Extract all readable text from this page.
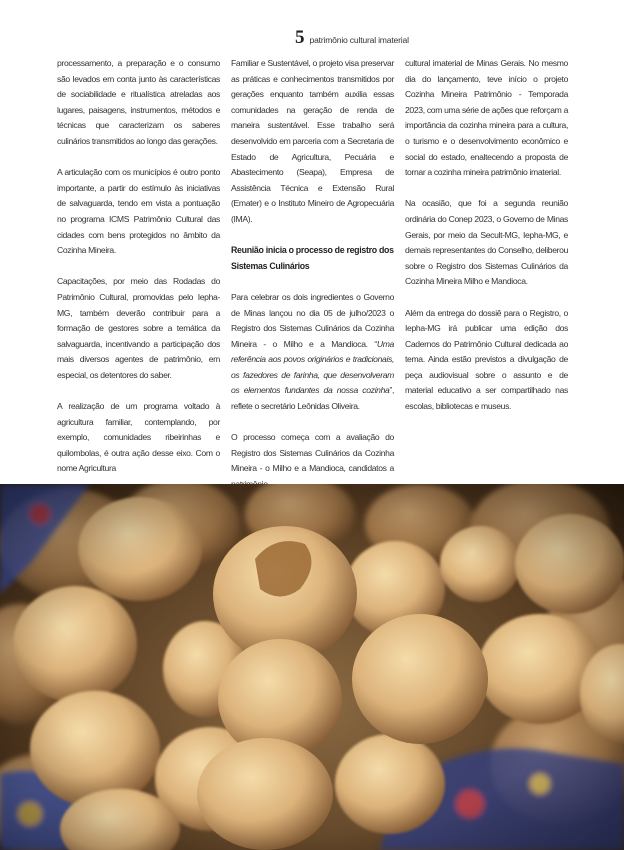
5 patrimônio cultural imaterial

processamento, a preparação e o consumo são levados em conta junto às características de sociabilidade e ritualística atreladas aos lugares, paisagens, instrumentos, métodos e técnicas que caracterizam os saberes culinários transmitidos ao longo das gerações.

A articulação com os municípios é outro ponto importante, a partir do estímulo às iniciativas de salvaguarda, tendo em vista a pontuação no programa ICMS Patrimônio Cultural das cidades com bens protegidos no âmbito da Cozinha Mineira.

Capacitações, por meio das Rodadas do Patrimônio Cultural, promovidas pelo Iepha-MG, também deverão contribuir para a formação de gestores sobre a temática da salvaguarda, incentivando a participação dos mais diversos agentes de patrimônio, em especial, os detentores do saber.

A realização de um programa voltado à agricultura familiar, contemplando, por exemplo, comunidades ribeirinhas e quilombolas, é outra ação desse eixo. Com o nome Agricultura

Familiar e Sustentável, o projeto visa preservar as práticas e conhecimentos transmitidos por gerações enquanto também auxilia essas comunidades na geração de renda de maneira sustentável. Esse trabalho será desenvolvido em parceria com a Secretaria de Estado de Agricultura, Pecuária e Abastecimento (Seapa), Empresa de Assistência Técnica e Extensão Rural (Emater) e o Instituto Mineiro de Agropecuária (IMA).

Reunião inicia o processo de registro dos Sistemas Culinários

Para celebrar os dois ingredientes o Governo de Minas lançou no dia 05 de julho/2023 o Registro dos Sistemas Culinários da Cozinha Mineira - o Milho e a Mandioca. “Uma referência aos povos originários e tradicionais, os fazedores de farinha, que desenvolveram os elementos fundantes da nossa cozinha”, reflete o secretário Leônidas Oliveira.

O processo começa com a avaliação do Registro dos Sistemas Culinários da Cozinha Mineira - o Milho e a Mandioca, candidatos a

cultural imaterial de Minas Gerais. No mesmo dia do lançamento, teve início o projeto Cozinha Mineira Patrimônio - Temporada 2023, com uma série de ações que reforçam a importância da cozinha mineira para a cultura, o turismo e o desenvolvimento econômico e social do estado, enaltecendo a proposta de tornar a cozinha mineira patrimônio imaterial.

Na ocasião, que foi a segunda reunião ordinária do Conep 2023, o Governo de Minas Gerais, por meio da Secult-MG, Iepha-MG, e demais representantes do Conselho, deliberou sobre o Registro dos Sistemas Culinários da Cozinha Mineira Milho e Mandioca.

Além da entrega do dossiê para o Registro, o Iepha-MG irá publicar uma edição dos Cadernos do Patrimônio Cultural dedicada ao tema. Ainda estão previstos a divulgação de peça audiovisual sobre o assunto e de material educativo a ser compartilhado nas escolas, bibliotecas e museus.
